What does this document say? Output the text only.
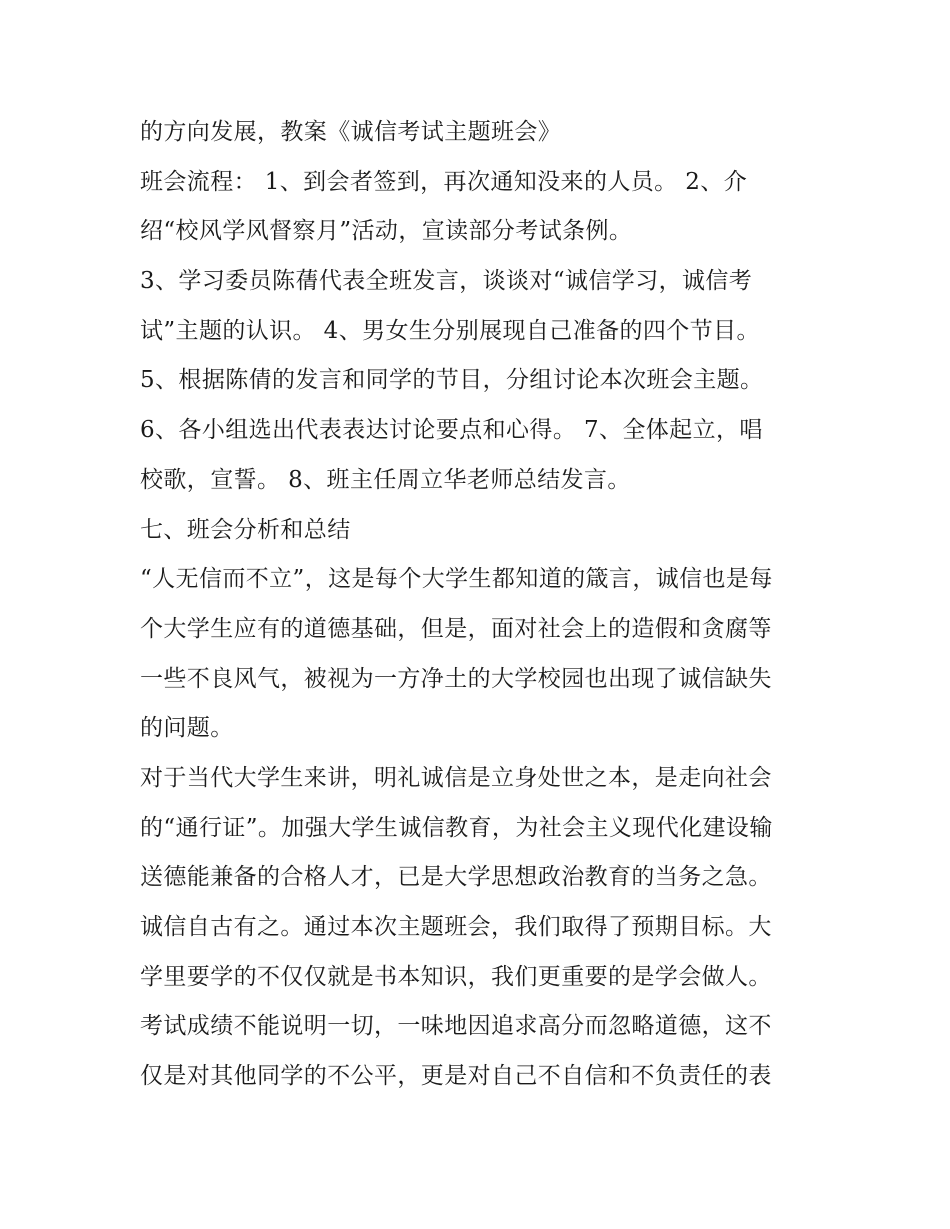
的方向发展，教案《诚信考试主题班会》
班会流程： 1、到会者签到，再次通知没来的人员。 2、介
绍“校风学风督察月”活动，宣读部分考试条例。
3、学习委员陈蒨代表全班发言，谈谈对“诚信学习，诚信考
试”主题的认识。 4、男女生分别展现自己准备的四个节目。
5、根据陈倩的发言和同学的节目，分组讨论本次班会主题。
6、各小组选出代表表达讨论要点和心得。 7、全体起立，唱
校歌，宣誓。 8、班主任周立华老师总结发言。
七、班会分析和总结
“人无信而不立”，这是每个大学生都知道的箴言，诚信也是每
个大学生应有的道德基础，但是，面对社会上的造假和贪腐等
一些不良风气，被视为一方净土的大学校园也出现了诚信缺失
的问题。
对于当代大学生来讲，明礼诚信是立身处世之本，是走向社会
的“通行证”。加强大学生诚信教育，为社会主义现代化建设输
送德能兼备的合格人才，已是大学思想政治教育的当务之急。
诚信自古有之。通过本次主题班会，我们取得了预期目标。大
学里要学的不仅仅就是书本知识，我们更重要的是学会做人。
考试成绩不能说明一切，一味地因追求高分而忽略道德，这不
仅是对其他同学的不公平，更是对自己不自信和不负责任的表
